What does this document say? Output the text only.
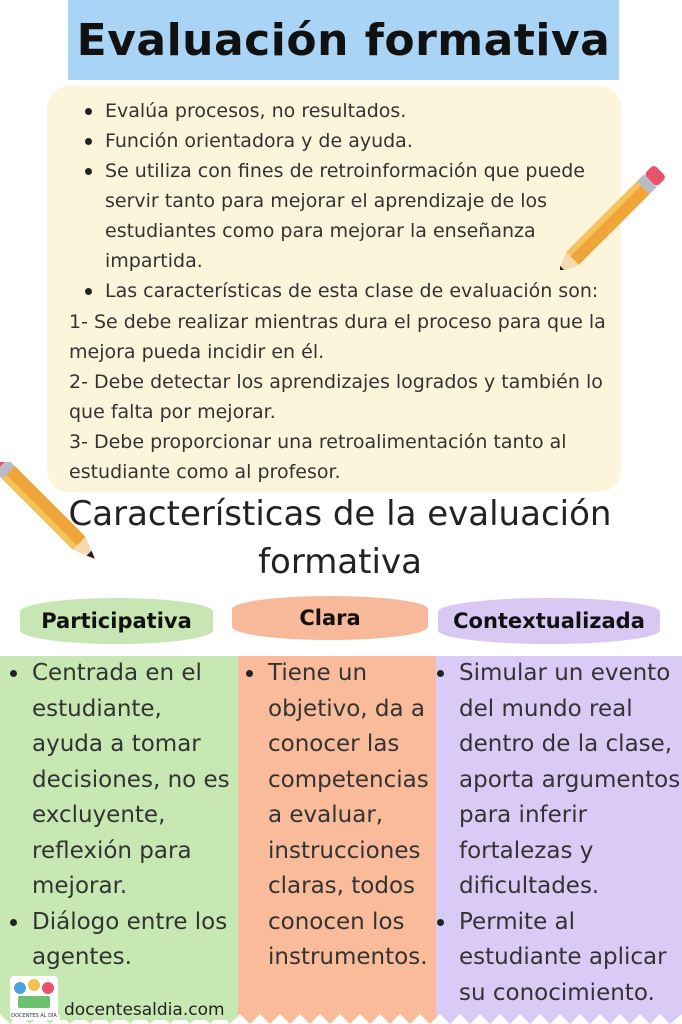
Evaluación formativa
Evalúa procesos, no resultados.
Función orientadora y de ayuda.
Se utiliza con fines de retroinformación que puede servir tanto para mejorar el aprendizaje de los estudiantes como para mejorar la enseñanza impartida.
Las características de esta clase de evaluación son:

1- Se debe realizar mientras dura el proceso para que la mejora pueda incidir en él.

2- Debe detectar los aprendizajes logrados y también lo que falta por mejorar.

3- Debe proporcionar una retroalimentación tanto al estudiante como al profesor.

Características de la evaluación formativa
Participativa	Clara	Contextualizada
Centrada en el estudiante, ayuda a tomar decisiones, no es excluyente, reflexión para mejorar.
Diálogo entre los agentes.
Tiene un objetivo, da a conocer las competencias a evaluar, instrucciones claras, todos conocen los instrumentos.
Simular un evento del mundo real dentro de la clase, aporta argumentos para inferir fortalezas y dificultades.
Permite al estudiante aplicar su conocimiento.
DOCENTES AL DÍA docentesaldia.com
